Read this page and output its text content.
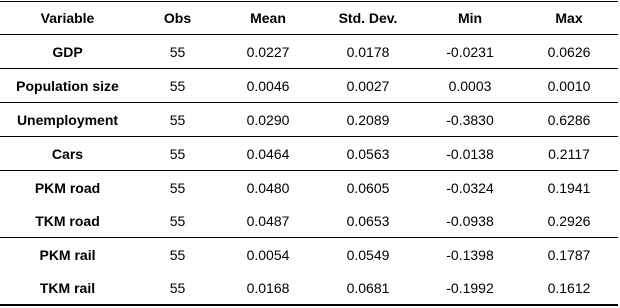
Variable	Obs	Mean	Std. Dev.	Min	Max
GDP	55	0.0227	0.0178	-0.0231	0.0626
Population size	55	0.0046	0.0027	0.0003	0.0010
Unemployment	55	0.0290	0.2089	-0.3830	0.6286
Cars	55	0.0464	0.0563	-0.0138	0.2117
PKM road	55	0.0480	0.0605	-0.0324	0.1941
TKM road	55	0.0487	0.0653	-0.0938	0.2926
PKM rail	55	0.0054	0.0549	-0.1398	0.1787
TKM rail	55	0.0168	0.0681	-0.1992	0.1612
